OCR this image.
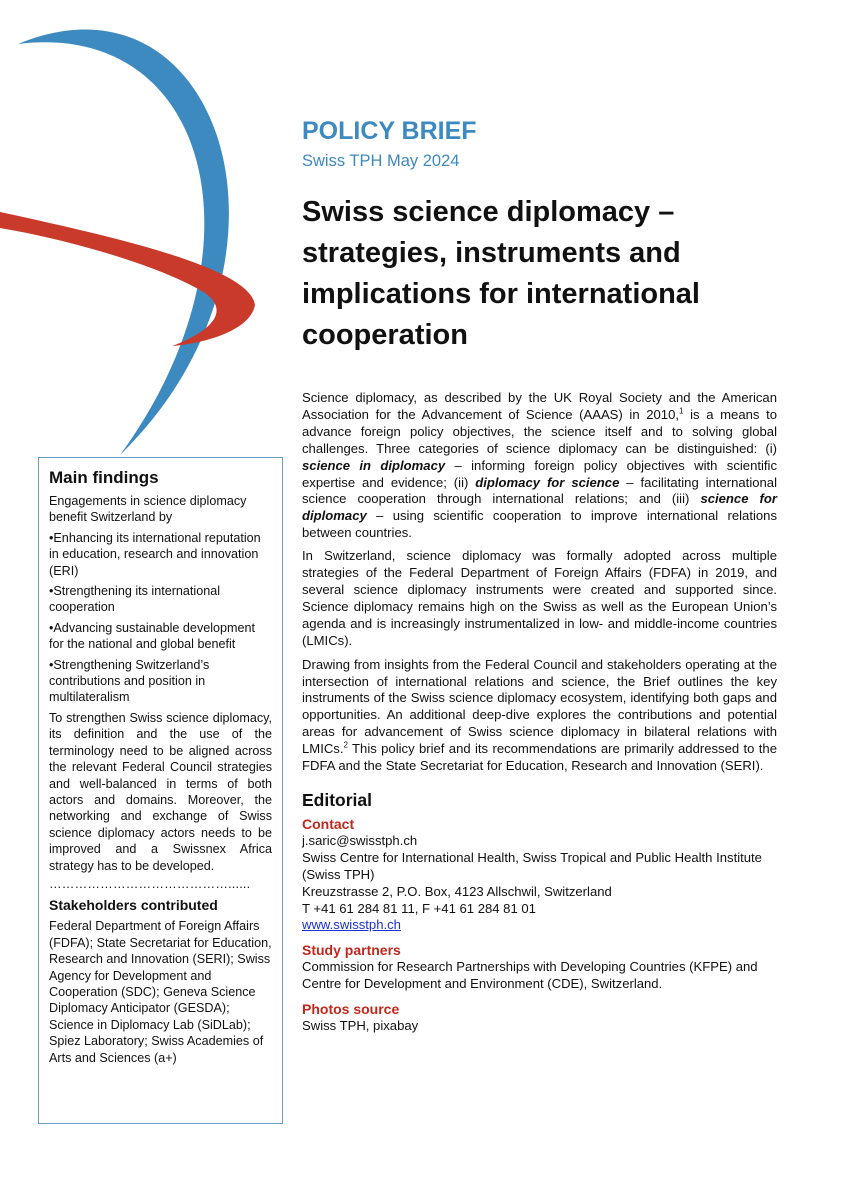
POLICY BRIEF
Swiss TPH May 2024
Swiss science diplomacy – strategies, instruments and implications for international cooperation

Science diplomacy, as described by the UK Royal Society and the American Association for the Advancement of Science (AAAS) in 2010,$^1$ is a means to advance foreign policy objectives, the science itself and to solving global challenges. Three categories of science diplomacy can be distinguished: (i) science in diplomacy – informing foreign policy objectives with scientific expertise and evidence; (ii) diplomacy for science – facilitating international science cooperation through international relations; and (iii) science for diplomacy – using scientific cooperation to improve international relations between countries.

In Switzerland, science diplomacy was formally adopted across multiple strategies of the Federal Department of Foreign Affairs (FDFA) in 2019, and several science diplomacy instruments were created and supported since. Science diplomacy remains high on the Swiss as well as the European Union’s agenda and is increasingly instrumentalized in low- and middle-income countries (LMICs).

Drawing from insights from the Federal Council and stakeholders operating at the intersection of international relations and science, the Brief outlines the key instruments of the Swiss science diplomacy ecosystem, identifying both gaps and opportunities. An additional deep-dive explores the contributions and potential areas for advancement of Swiss science diplomacy in bilateral relations with LMICs.$^2$ This policy brief and its recommendations are primarily addressed to the FDFA and the State Secretariat for Education, Research and Innovation (SERI).

Editorial

Contact

j.saric@swisstph.ch

Swiss Centre for International Health, Swiss Tropical and Public Health Institute (Swiss TPH)

Kreuzstrasse 2, P.O. Box, 4123 Allschwil, Switzerland

T +41 61 284 81 11, F +41 61 284 81 01

www.swisstph.ch

Study partners

Commission for Research Partnerships with Developing Countries (KFPE) and Centre for Development and Environment (CDE), Switzerland.

Photos source

Swiss TPH, pixabay

Main findings
Engagements in science diplomacy benefit Switzerland by
•Enhancing its international reputation in education, research and innovation (ERI)
•Strengthening its international cooperation
•Advancing sustainable development for the national and global benefit
•Strengthening Switzerland’s contributions and position in multilateralism
To strengthen Swiss science diplomacy, its definition and the use of the terminology need to be aligned across the relevant Federal Council strategies and well-balanced in terms of both actors and domains. Moreover, the networking and exchange of Swiss science diplomacy actors needs to be improved and a Swissnex Africa strategy has to be developed.
……………………………………......
Stakeholders contributed
Federal Department of Foreign Affairs (FDFA); State Secretariat for Education, Research and Innovation (SERI); Swiss Agency for Development and Cooperation (SDC); Geneva Science Diplomacy Anticipator (GESDA); Science in Diplomacy Lab (SiDLab); Spiez Laboratory; Swiss Academies of Arts and Sciences (a+)
